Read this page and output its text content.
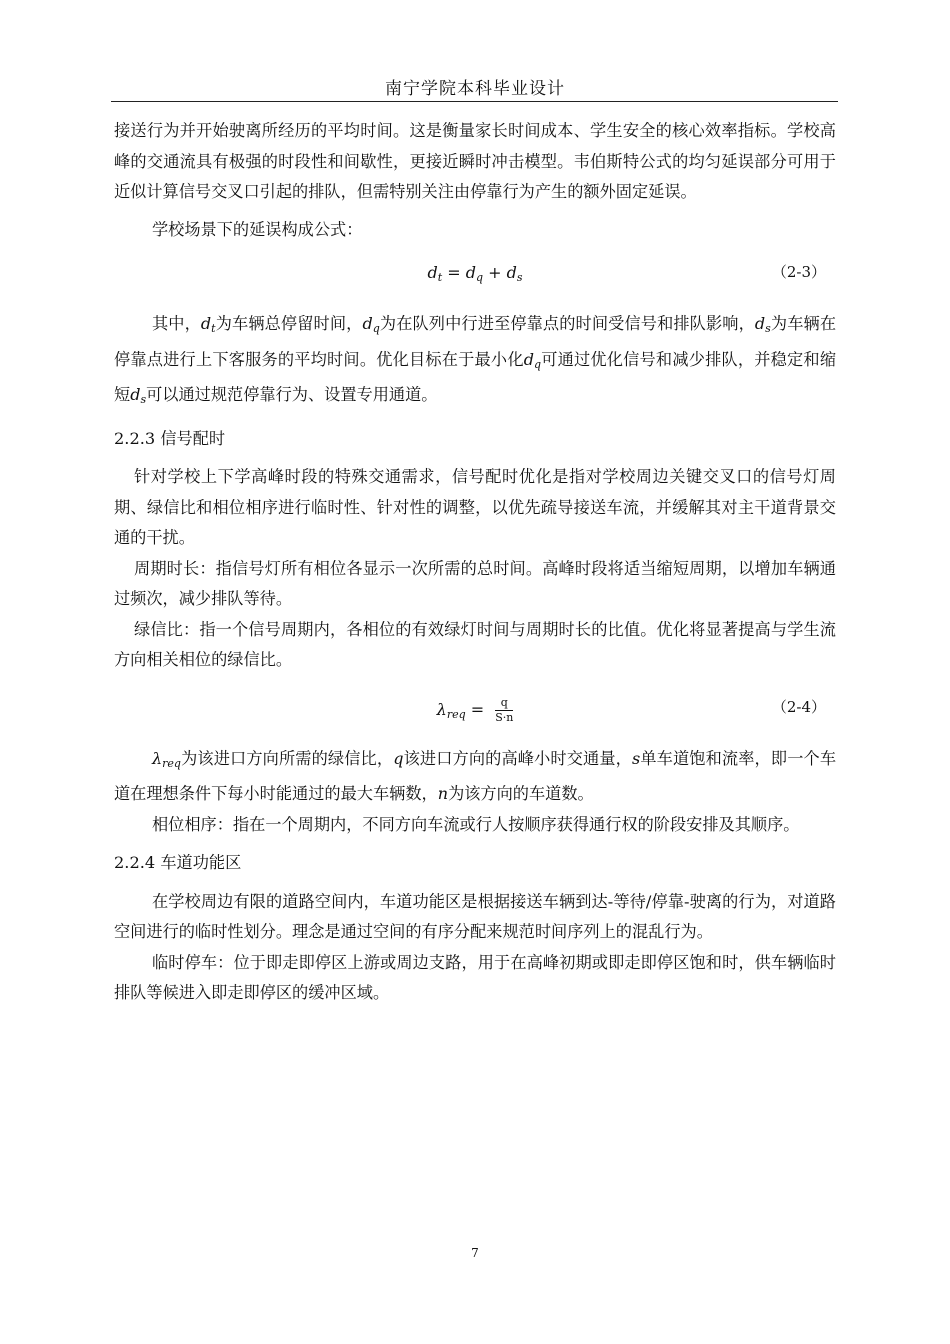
南宁学院本科毕业设计

接送行为并开始驶离所经历的平均时间。这是衡量家长时间成本、学生安全的核心效率指标。学校高峰的交通流具有极强的时段性和间歇性，更接近瞬时冲击模型。韦伯斯特公式的均匀延误部分可用于近似计算信号交叉口引起的排队，但需特别关注由停靠行为产生的额外固定延误。

学校场景下的延误构成公式：

$d_t = d_q + d_s$	（2-3）

其中，$d_t$为车辆总停留时间，$d_q$为在队列中行进至停靠点的时间受信号和排队影响，$d_s$为车辆在停靠点进行上下客服务的平均时间。优化目标在于最小化$d_q$可通过优化信号和减少排队，并稳定和缩短$d_s$可以通过规范停靠行为、设置专用通道。

2.2.3 信号配时

针对学校上下学高峰时段的特殊交通需求，信号配时优化是指对学校周边关键交叉口的信号灯周期、绿信比和相位相序进行临时性、针对性的调整，以优先疏导接送车流，并缓解其对主干道背景交通的干扰。

周期时长：指信号灯所有相位各显示一次所需的总时间。高峰时段将适当缩短周期，以增加车辆通过频次，减少排队等待。

绿信比：指一个信号周期内，各相位的有效绿灯时间与周期时长的比值。优化将显著提高与学生流方向相关相位的绿信比。

$\lambda_{req} = \frac{q}{S\cdot n}$	（2-4）

$\lambda_{req}$为该进口方向所需的绿信比，q该进口方向的高峰小时交通量，s单车道饱和流率，即一个车道在理想条件下每小时能通过的最大车辆数，n为该方向的车道数。

相位相序：指在一个周期内，不同方向车流或行人按顺序获得通行权的阶段安排及其顺序。

2.2.4 车道功能区

在学校周边有限的道路空间内，车道功能区是根据接送车辆到达-等待/停靠-驶离的行为，对道路空间进行的临时性划分。理念是通过空间的有序分配来规范时间序列上的混乱行为。

临时停车：位于即走即停区上游或周边支路，用于在高峰初期或即走即停区饱和时，供车辆临时排队等候进入即走即停区的缓冲区域。

7
